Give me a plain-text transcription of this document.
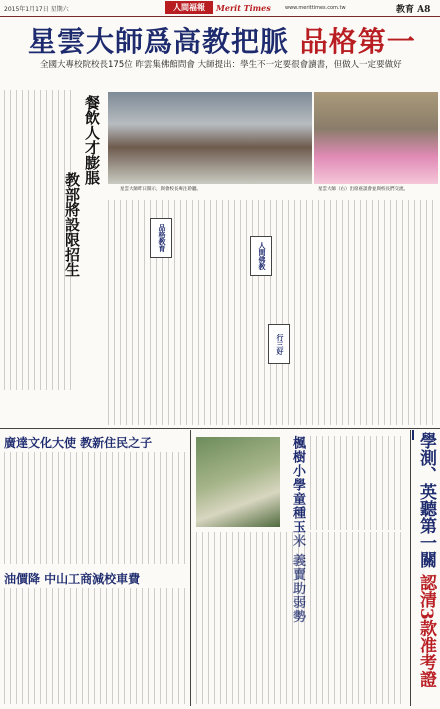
2015年1月17日 星期六	人間福報	Merit Times	www.merittimes.com.tw	教育 A8
星雲大師爲高教把脈 品格第一
全國大專校院校長175位 昨雲集佛館問會 大師提出：學生不一定要很會讀書，但做人一定要做好
餐飲人才膨脹
教部將設限招生	星雲大師昨日開示，與會校長專注聆聽。	星雲大師（右）出席座談會並與校長們交流。
品格教育
人間佛教
行三好
廣達文化大使 教新住民之子
油價降 中山工商減校車費	楓樹小學童種玉米 義賣助弱勢	學測、英聽第一關 認清3款准考證
